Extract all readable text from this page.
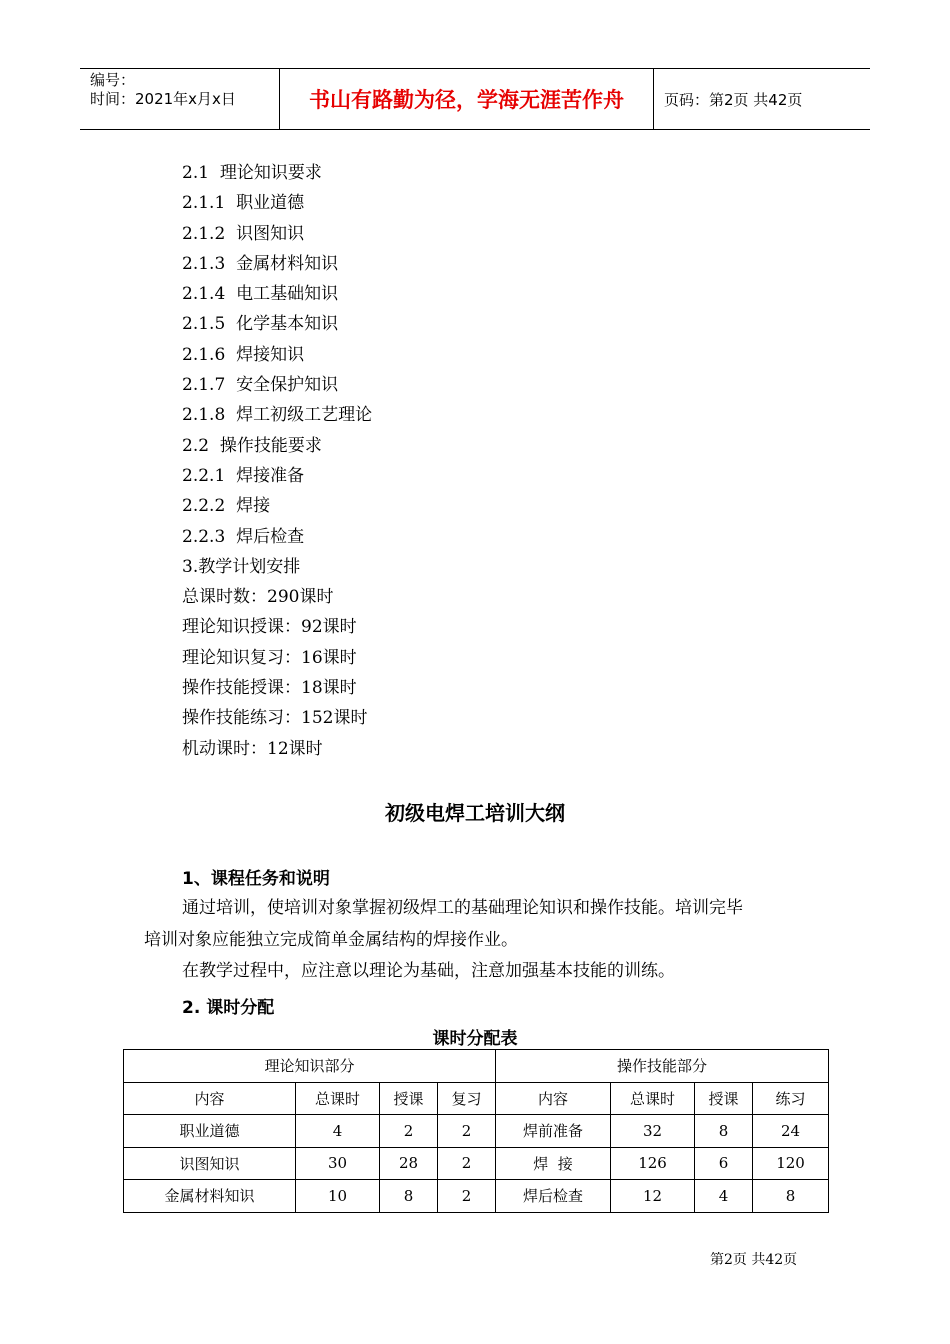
编号：
时间：2021年x月x日	书山有路勤为径，学海无涯苦作舟	页码：第2页 共42页
2.1  理论知识要求
2.1.1  职业道德
2.1.2  识图知识
2.1.3  金属材料知识
2.1.4  电工基础知识
2.1.5  化学基本知识
2.1.6  焊接知识
2.1.7  安全保护知识
2.1.8  焊工初级工艺理论
2.2  操作技能要求
2.2.1  焊接准备
2.2.2  焊接
2.2.3  焊后检查
3.教学计划安排
总课时数：290课时
理论知识授课：92课时
理论知识复习：16课时
操作技能授课：18课时
操作技能练习：152课时
机动课时：12课时
初级电焊工培训大纲
1、课程任务和说明
通过培训，使培训对象掌握初级焊工的基础理论知识和操作技能。培训完毕
培训对象应能独立完成简单金属结构的焊接作业。
在教学过程中，应注意以理论为基础，注意加强基本技能的训练。
2. 课时分配
课时分配表
理论知识部分				操作技能部分			
内容	总课时	授课	复习	内容	总课时	授课	练习
职业道德	4	2	2	焊前准备	32	8	24
识图知识	30	28	2	焊  接	126	6	120
金属材料知识	10	8	2	焊后检查	12	4	8
第2页 共42页
